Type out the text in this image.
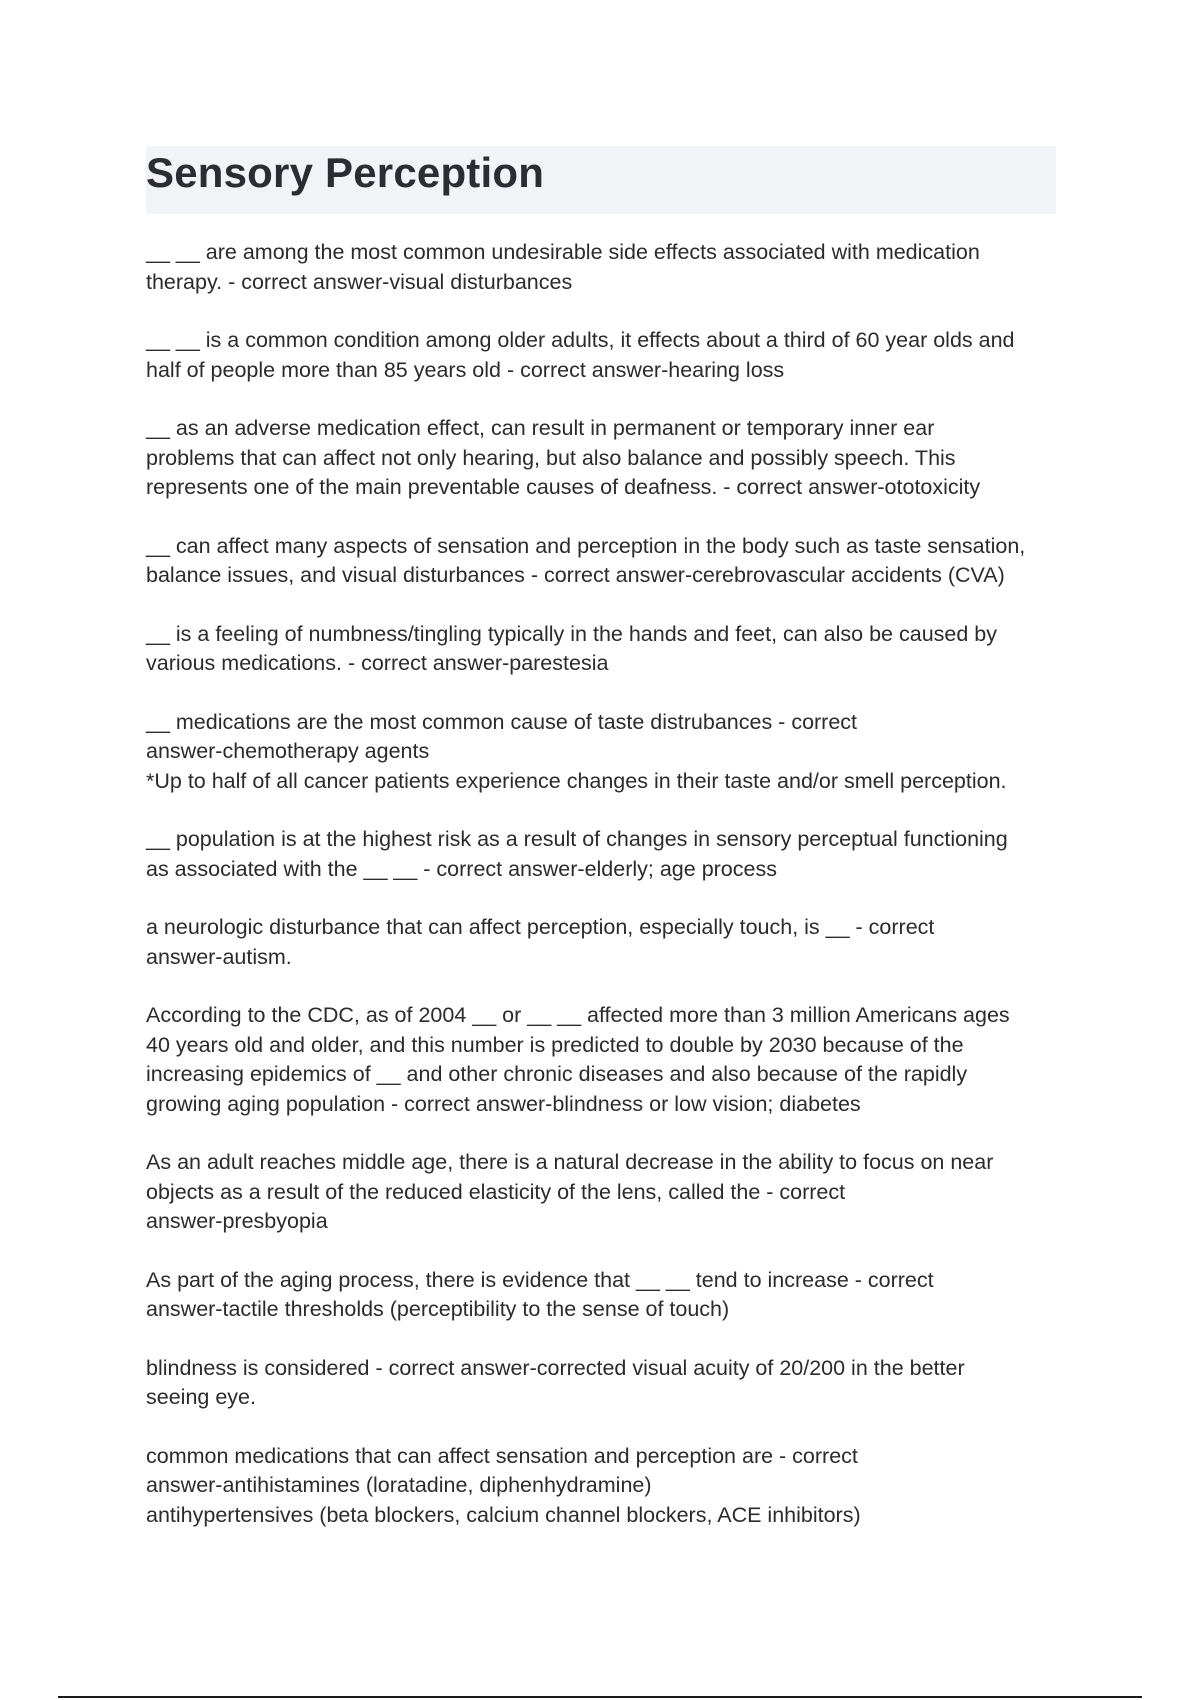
Sensory Perception

__ __ are among the most common undesirable side effects associated with medication
therapy. - correct answer-visual disturbances

__ __ is a common condition among older adults, it effects about a third of 60 year olds and
half of people more than 85 years old - correct answer-hearing loss

__ as an adverse medication effect, can result in permanent or temporary inner ear
problems that can affect not only hearing, but also balance and possibly speech. This
represents one of the main preventable causes of deafness. - correct answer-ototoxicity

__ can affect many aspects of sensation and perception in the body such as taste sensation,
balance issues, and visual disturbances - correct answer-cerebrovascular accidents (CVA)

__ is a feeling of numbness/tingling typically in the hands and feet, can also be caused by
various medications. - correct answer-parestesia

__ medications are the most common cause of taste distrubances - correct
answer-chemotherapy agents
*Up to half of all cancer patients experience changes in their taste and/or smell perception.

__ population is at the highest risk as a result of changes in sensory perceptual functioning
as associated with the __ __ - correct answer-elderly; age process

a neurologic disturbance that can affect perception, especially touch, is __ - correct
answer-autism.

According to the CDC, as of 2004 __ or __ __ affected more than 3 million Americans ages
40 years old and older, and this number is predicted to double by 2030 because of the
increasing epidemics of __ and other chronic diseases and also because of the rapidly
growing aging population - correct answer-blindness or low vision; diabetes

As an adult reaches middle age, there is a natural decrease in the ability to focus on near
objects as a result of the reduced elasticity of the lens, called the - correct
answer-presbyopia

As part of the aging process, there is evidence that __ __ tend to increase - correct
answer-tactile thresholds (perceptibility to the sense of touch)

blindness is considered - correct answer-corrected visual acuity of 20/200 in the better
seeing eye.

common medications that can affect sensation and perception are - correct
answer-antihistamines (loratadine, diphenhydramine)
antihypertensives (beta blockers, calcium channel blockers, ACE inhibitors)
